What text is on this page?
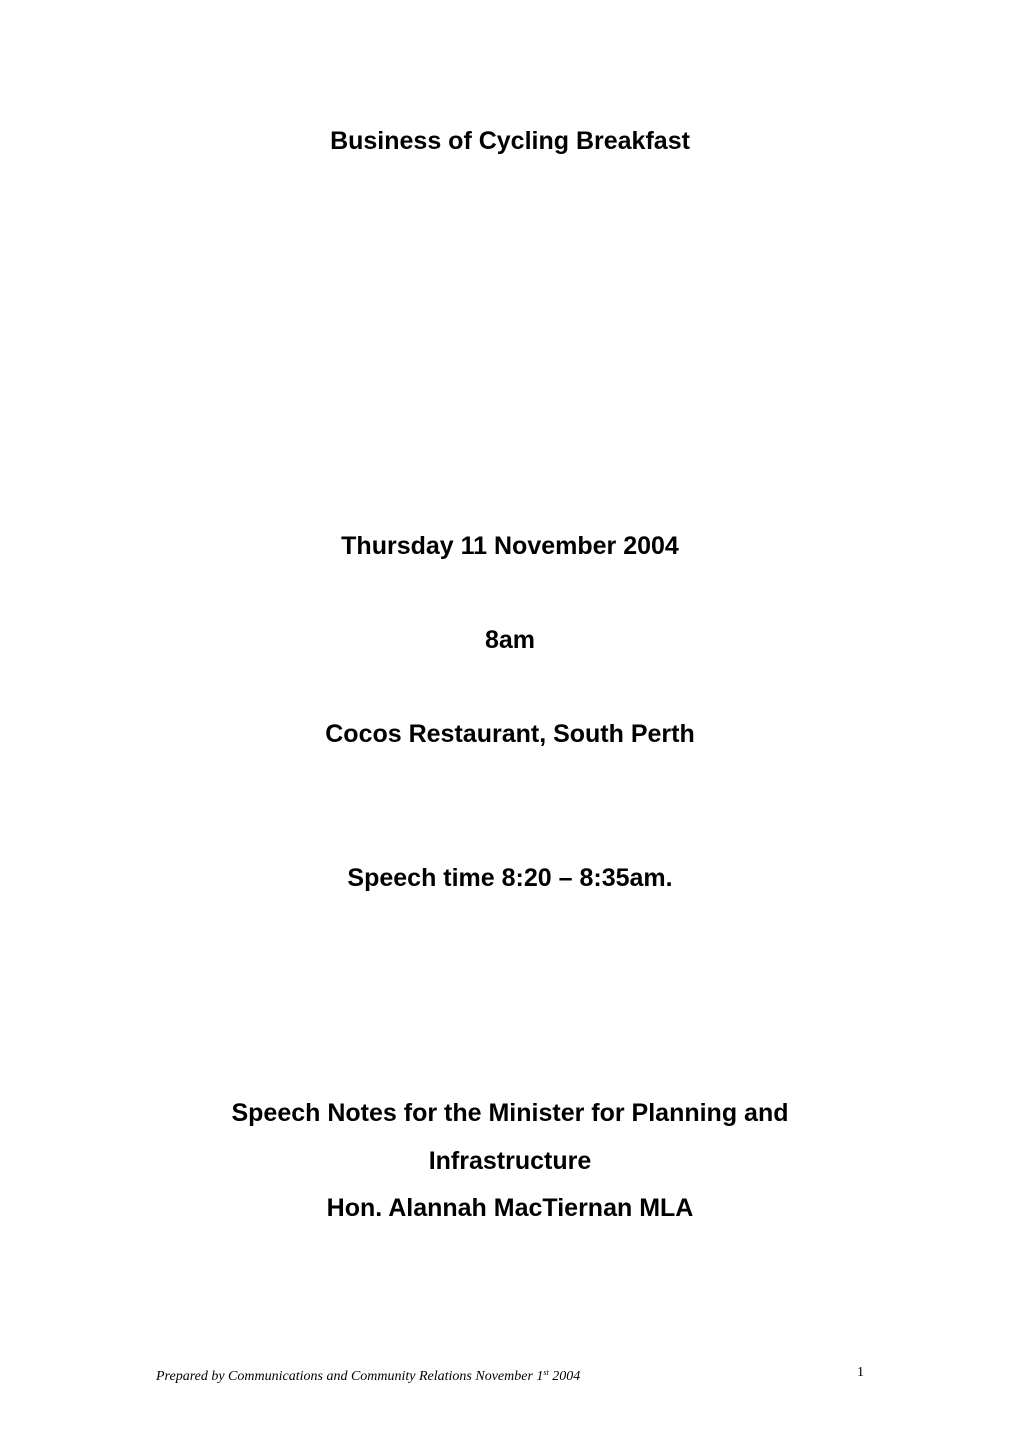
Business of Cycling Breakfast
Thursday 11 November 2004
8am
Cocos Restaurant, South Perth
Speech time 8:20 – 8:35am.
Speech Notes for the Minister for Planning and
Infrastructure
Hon. Alannah MacTiernan MLA
Prepared by Communications and Community Relations November 1st 2004	1
